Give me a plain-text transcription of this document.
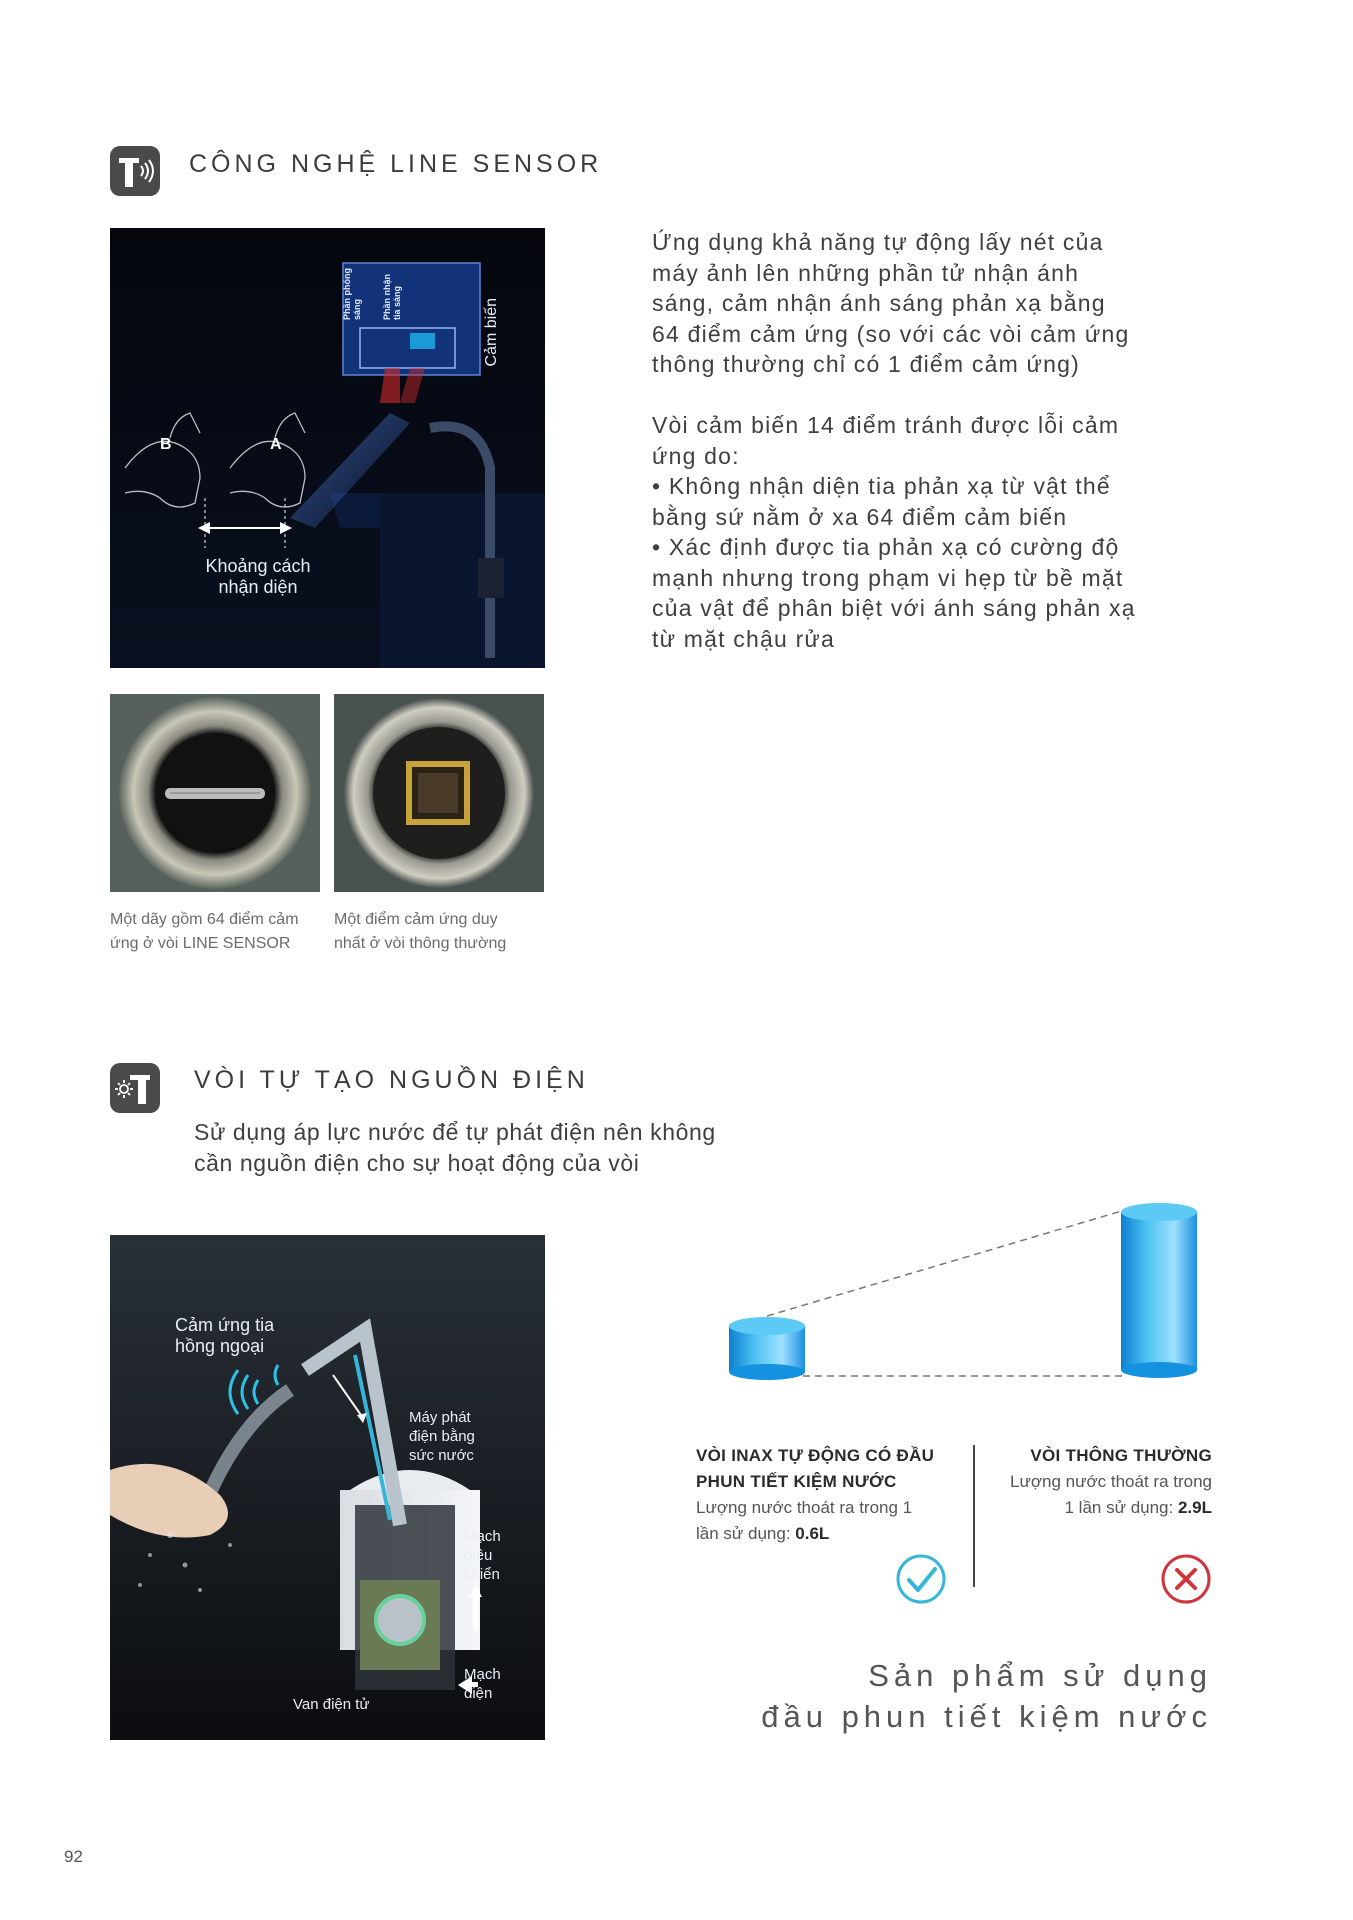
CÔNG NGHỆ LINE SENSOR
Phần phóng sáng Phần nhận tia sáng	Cảm biến
B	A
Khoảng cách
nhận diện
Ứng dụng khả năng tự động lấy nét của
máy ảnh lên những phần tử nhận ánh
sáng, cảm nhận ánh sáng phản xạ bằng
64 điểm cảm ứng (so với các vòi cảm ứng
thông thường chỉ có 1 điểm cảm ứng)
Vòi cảm biến 14 điểm tránh được lỗi cảm
ứng do:
• Không nhận diện tia phản xạ từ vật thể
bằng sứ nằm ở xa 64 điểm cảm biến
• Xác định được tia phản xạ có cường độ
mạnh nhưng trong phạm vi hẹp từ bề mặt
của vật để phân biệt với ánh sáng phản xạ
từ mặt chậu rửa
Một dãy gồm 64 điểm cảm
ứng ở vòi LINE SENSOR
Một điểm cảm ứng duy
nhất ở vòi thông thường
VÒI TỰ TẠO NGUỒN ĐIỆN
Sử dụng áp lực nước để tự phát điện nên không
cần nguồn điện cho sự hoạt động của vòi
Cảm ứng tia
hồng ngoại
Máy phát
điện bằng
sức nước
Mạch
điều
khiển
Mạch
điện
Van điện tử
VÒI INAX TỰ ĐỘNG CÓ ĐẦU
PHUN TIẾT KIỆM NƯỚC
Lượng nước thoát ra trong 1
lần sử dụng: 0.6L
VÒI THÔNG THƯỜNG
Lượng nước thoát ra trong
1 lần sử dụng: 2.9L
Sản phẩm sử dụng
đầu phun tiết kiệm nước
92
